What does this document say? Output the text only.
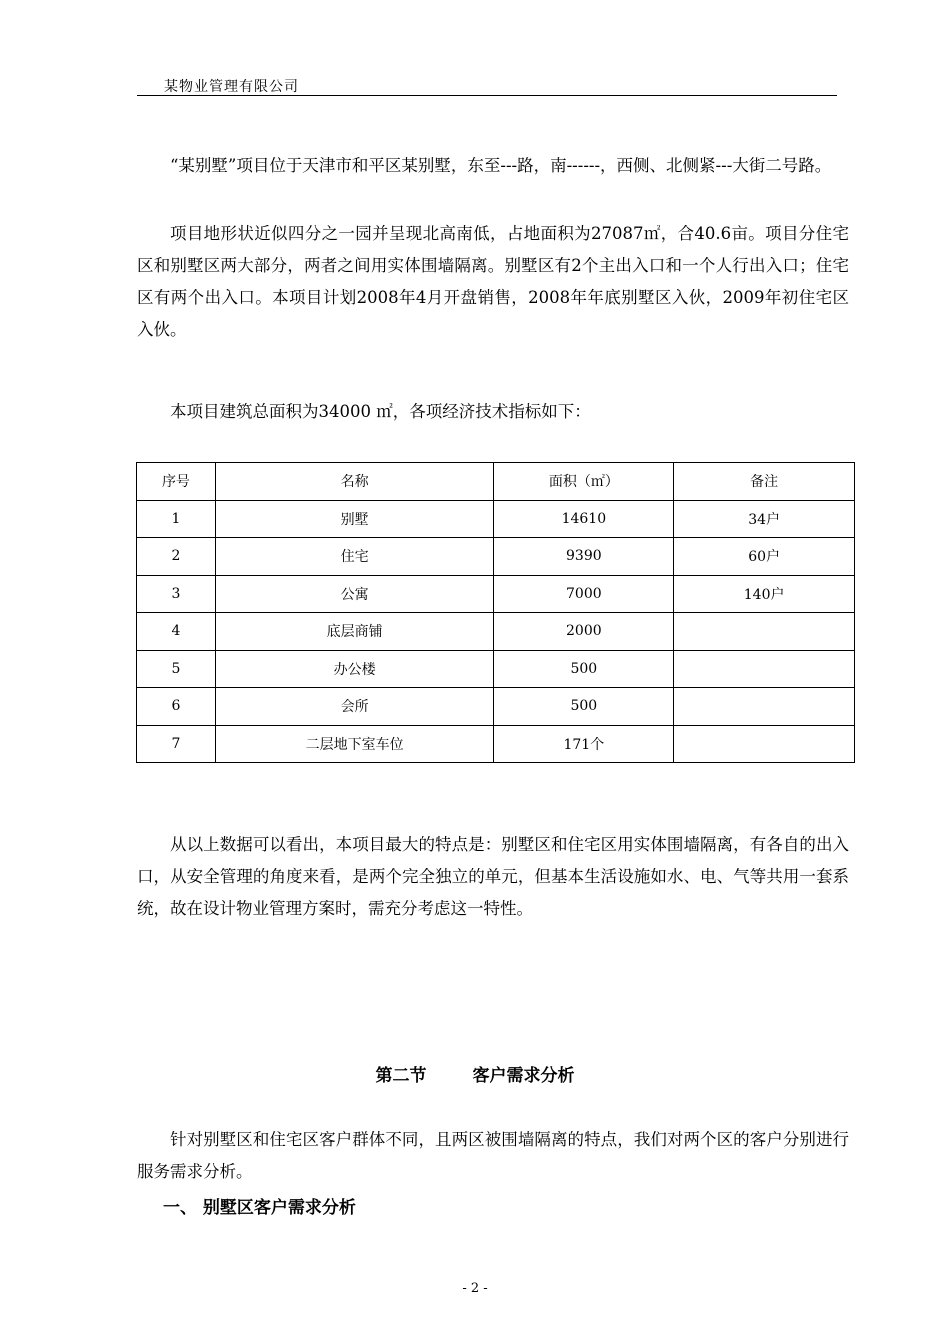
某物业管理有限公司

“某别墅”项目位于天津市和平区某别墅，东至---路，南------，西侧、北侧紧---大街二号路。

项目地形状近似四分之一园并呈现北高南低，占地面积为27087㎡，合40.6亩。项目分住宅区和别墅区两大部分，两者之间用实体围墙隔离。别墅区有2个主出入口和一个人行出入口；住宅区有两个出入口。本项目计划2008年4月开盘销售，2008年年底别墅区入伙，2009年初住宅区入伙。

本项目建筑总面积为34000 ㎡，各项经济技术指标如下：

序号	名称	面积（㎡）	备注
1	别墅	14610	34户
2	住宅	9390	60户
3	公寓	7000	140户
4	底层商铺	2000	
5	办公楼	500	
6	会所	500	
7	二层地下室车位	171个	

从以上数据可以看出，本项目最大的特点是：别墅区和住宅区用实体围墙隔离，有各自的出入口，从安全管理的角度来看，是两个完全独立的单元，但基本生活设施如水、电、气等共用一套系统，故在设计物业管理方案时，需充分考虑这一特性。

第二节	客户需求分析

针对别墅区和住宅区客户群体不同，且两区被围墙隔离的特点，我们对两个区的客户分别进行服务需求分析。

一、 别墅区客户需求分析
- 2 -
